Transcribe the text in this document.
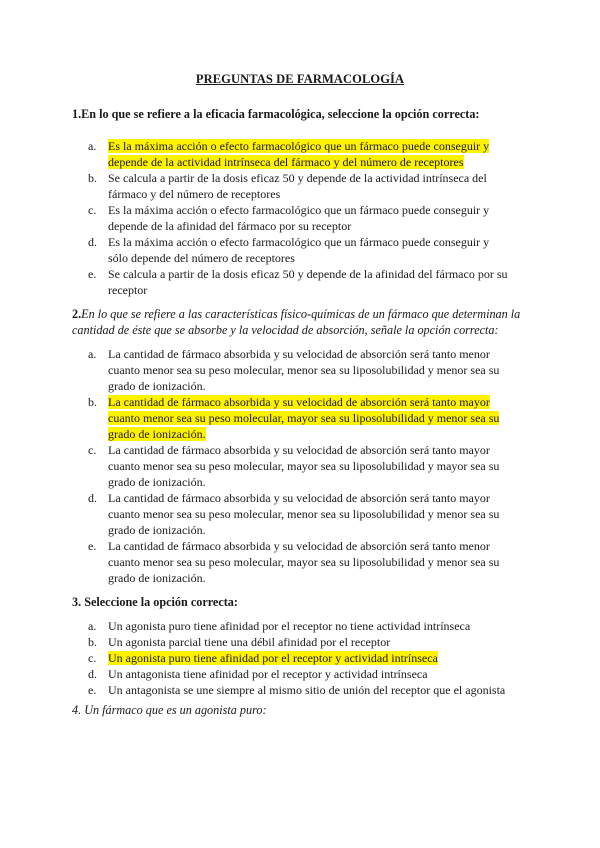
PREGUNTAS DE FARMACOLOGÍA
1.En lo que se refiere a la eficacia farmacológica, seleccione la opción correcta:
a. Es la máxima acción o efecto farmacológico que un fármaco puede conseguir y depende de la actividad intrínseca del fármaco y del número de receptores
b. Se calcula a partir de la dosis eficaz 50 y depende de la actividad intrínseca del fármaco y del número de receptores
c. Es la máxima acción o efecto farmacológico que un fármaco puede conseguir y depende de la afinidad del fármaco por su receptor
d. Es la máxima acción o efecto farmacológico que un fármaco puede conseguir y sólo depende del número de receptores
e. Se calcula a partir de la dosis eficaz 50 y depende de la afinidad del fármaco por su receptor
2.En lo que se refiere a las características físico-químicas de un fármaco que determinan la cantidad de éste que se absorbe y la velocidad de absorción, señale la opción correcta:
a. La cantidad de fármaco absorbida y su velocidad de absorción será tanto menor cuanto menor sea su peso molecular, menor sea su liposolubilidad y menor sea su grado de ionización.
b. La cantidad de fármaco absorbida y su velocidad de absorción será tanto mayor cuanto menor sea su peso molecular, mayor sea su liposolubilidad y menor sea su grado de ionización.
c. La cantidad de fármaco absorbida y su velocidad de absorción será tanto mayor cuanto menor sea su peso molecular, mayor sea su liposolubilidad y mayor sea su grado de ionización.
d. La cantidad de fármaco absorbida y su velocidad de absorción será tanto mayor cuanto menor sea su peso molecular, menor sea su liposolubilidad y menor sea su grado de ionización.
e. La cantidad de fármaco absorbida y su velocidad de absorción será tanto menor cuanto menor sea su peso molecular, mayor sea su liposolubilidad y menor sea su grado de ionización.
3. Seleccione la opción correcta:
a. Un agonista puro tiene afinidad por el receptor no tiene actividad intrínseca
b. Un agonista parcial tiene una débil afinidad por el receptor
c. Un agonista puro tiene afinidad por el receptor y actividad intrínseca
d. Un antagonista tiene afinidad por el receptor y actividad intrínseca
e. Un antagonista se une siempre al mismo sitio de unión del receptor que el agonista
4. Un fármaco que es un agonista puro:
